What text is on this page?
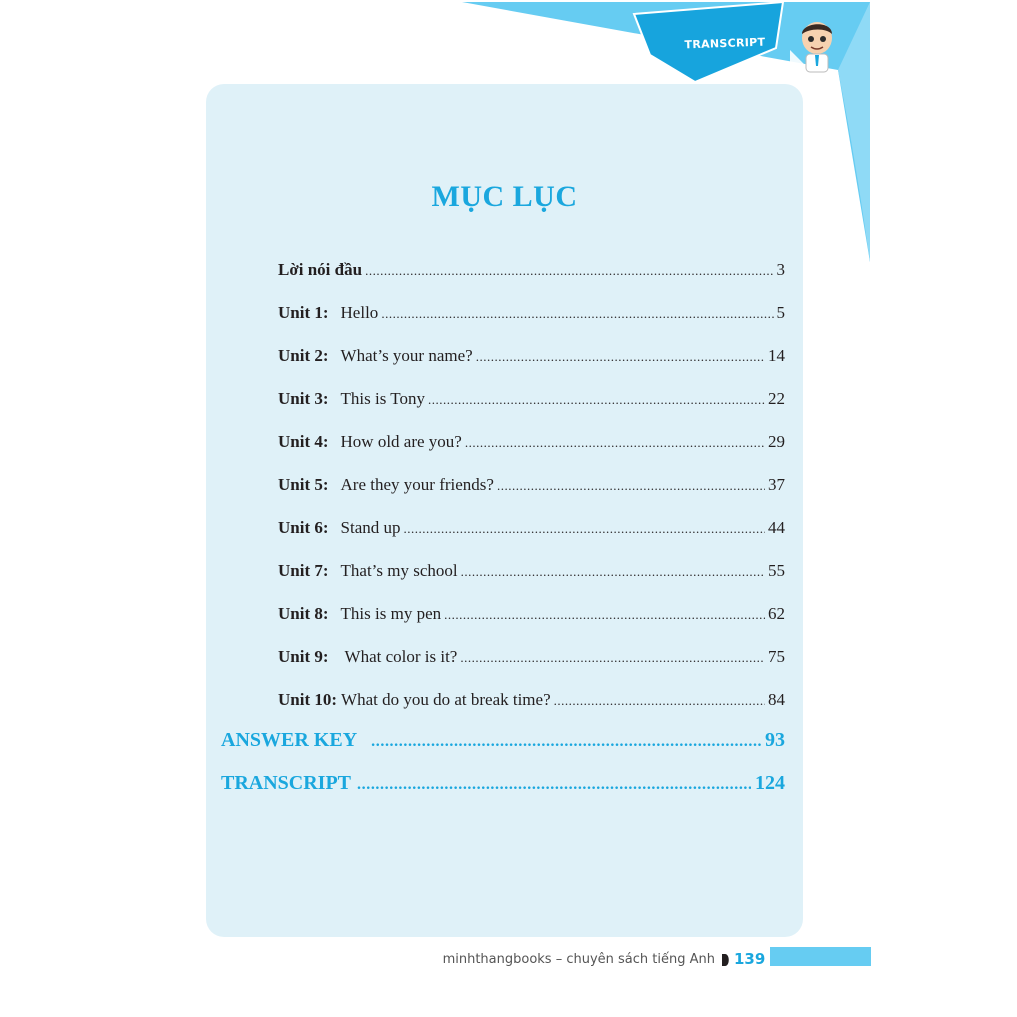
TRANSCRIPT
MỤC LỤC
Lời nói đầu .....	3
Unit 1: Hello .....	5
Unit 2: What’s your name? .....	14
Unit 3: This is Tony .....	22
Unit 4: How old are you? .....	29
Unit 5: Are they your friends? .....	37
Unit 6: Stand up .....	44
Unit 7: That’s my school .....	55
Unit 8: This is my pen .....	62
Unit 9: What color is it? .....	75
Unit 10: What do you do at break time? .....	84
ANSWER KEY .....	93
TRANSCRIPT .....	124
minhthangbooks – chuyên sách tiếng Anh 139
